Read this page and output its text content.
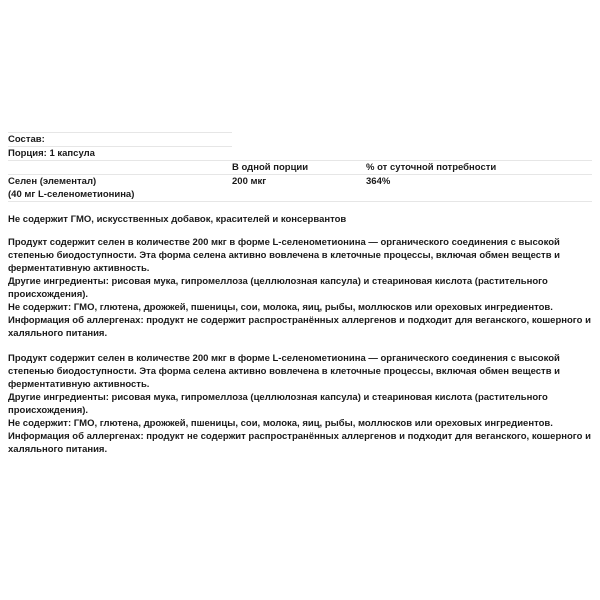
Состав:		
Порция: 1 капсула		
	В одной порции	% от суточной потребности

Селен (элементал)
(40 мг L-селенометионина)	200 мкг	364%

Не содержит ГМО, искусственных добавок, красителей и консервантов

Продукт содержит селен в количестве 200 мкг в форме L-селенометионина — органического соединения с высокой степенью биодоступности. Эта форма селена активно вовлечена в клеточные процессы, включая обмен веществ и ферментативную активность.

Другие ингредиенты: рисовая мука, гипромеллоза (целлюлозная капсула) и стеариновая кислота (растительного происхождения).

Не содержит: ГМО, глютена, дрожжей, пшеницы, сои, молока, яиц, рыбы, моллюсков или ореховых ингредиентов.

Информация об аллергенах: продукт не содержит распространённых аллергенов и подходит для веганского, кошерного и халяльного питания.

Продукт содержит селен в количестве 200 мкг в форме L-селенометионина — органического соединения с высокой степенью биодоступности. Эта форма селена активно вовлечена в клеточные процессы, включая обмен веществ и ферментативную активность.

Другие ингредиенты: рисовая мука, гипромеллоза (целлюлозная капсула) и стеариновая кислота (растительного происхождения).

Не содержит: ГМО, глютена, дрожжей, пшеницы, сои, молока, яиц, рыбы, моллюсков или ореховых ингредиентов.

Информация об аллергенах: продукт не содержит распространённых аллергенов и подходит для веганского, кошерного и халяльного питания.
